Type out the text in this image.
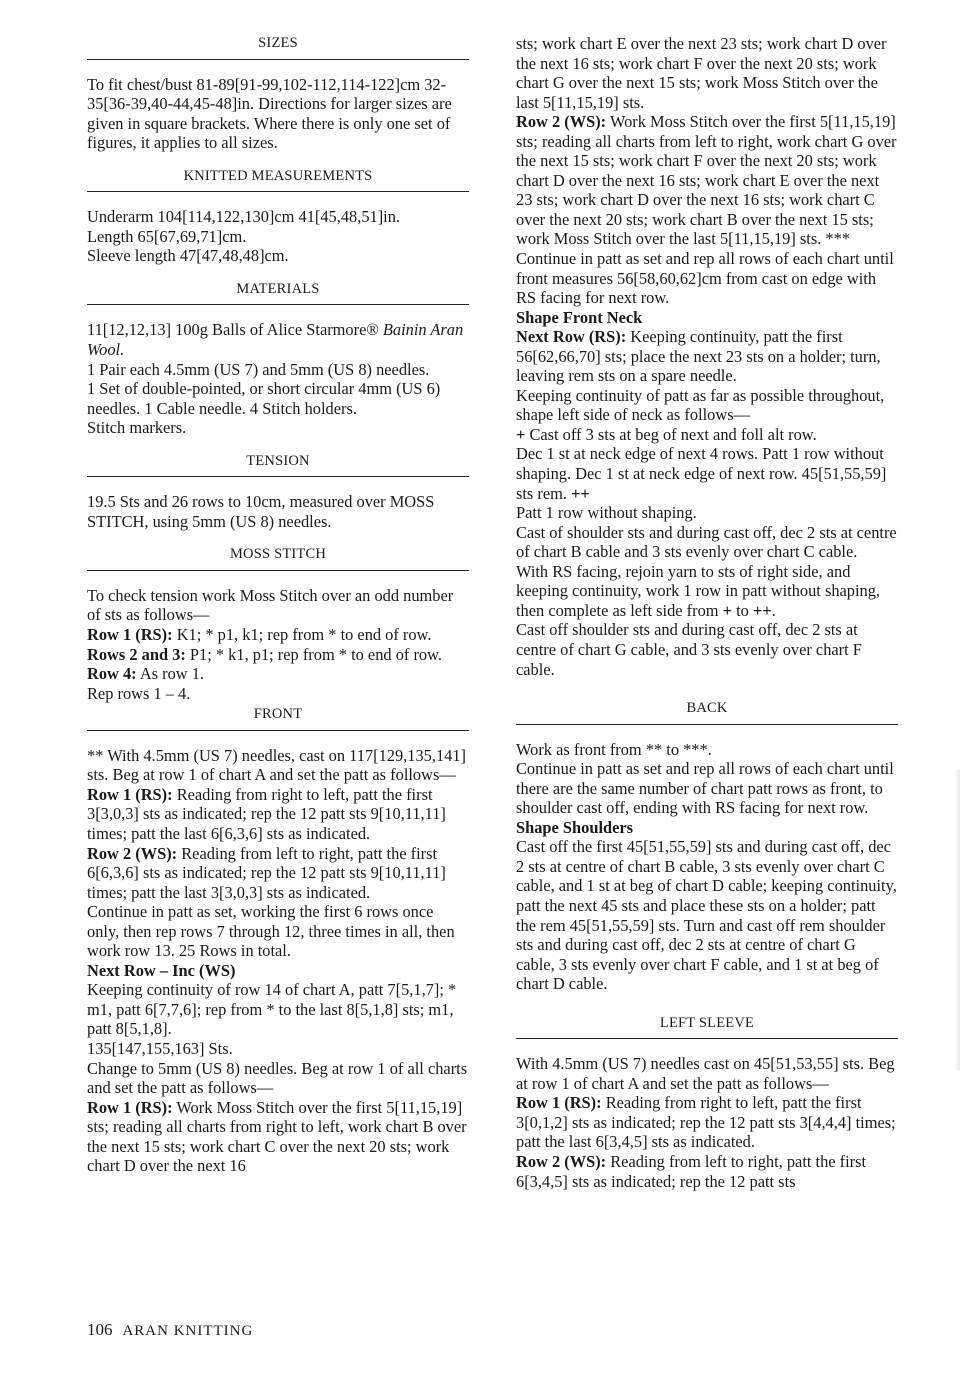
SIZES

To fit chest/bust 81-89[91-99,102-112,114-122]cm 32-35[36-39,40-44,45-48]in. Directions for larger sizes are given in square brackets. Where there is only one set of figures, it applies to all sizes.

KNITTED MEASUREMENTS

Underarm 104[114,122,130]cm 41[45,48,51]in.

Length 65[67,69,71]cm.

Sleeve length 47[47,48,48]cm.

MATERIALS

11[12,12,13] 100g Balls of Alice Starmore® Bainin Aran Wool.

1 Pair each 4.5mm (US 7) and 5mm (US 8) needles.

1 Set of double-pointed, or short circular 4mm (US 6) needles. 1 Cable needle. 4 Stitch holders.

Stitch markers.

TENSION

19.5 Sts and 26 rows to 10cm, measured over MOSS STITCH, using 5mm (US 8) needles.

MOSS STITCH

To check tension work Moss Stitch over an odd number of sts as follows—

Row 1 (RS): K1; * p1, k1; rep from * to end of row.

Rows 2 and 3: P1; * k1, p1; rep from * to end of row.

Row 4: As row 1.

Rep rows 1 – 4.

FRONT

** With 4.5mm (US 7) needles, cast on 117[129,135,141] sts. Beg at row 1 of chart A and set the patt as follows—

Row 1 (RS): Reading from right to left, patt the first 3[3,0,3] sts as indicated; rep the 12 patt sts 9[10,11,11] times; patt the last 6[6,3,6] sts as indicated.

Row 2 (WS): Reading from left to right, patt the first 6[6,3,6] sts as indicated; rep the 12 patt sts 9[10,11,11] times; patt the last 3[3,0,3] sts as indicated.

Continue in patt as set, working the first 6 rows once only, then rep rows 7 through 12, three times in all, then work row 13. 25 Rows in total.

Next Row – Inc (WS)

Keeping continuity of row 14 of chart A, patt 7[5,1,7]; * m1, patt 6[7,7,6]; rep from * to the last 8[5,1,8] sts; m1, patt 8[5,1,8].

135[147,155,163] Sts.

Change to 5mm (US 8) needles. Beg at row 1 of all charts and set the patt as follows—

Row 1 (RS): Work Moss Stitch over the first 5[11,15,19] sts; reading all charts from right to left, work chart B over the next 15 sts; work chart C over the next 20 sts; work chart D over the next 16

sts; work chart E over the next 23 sts; work chart D over the next 16 sts; work chart F over the next 20 sts; work chart G over the next 15 sts; work Moss Stitch over the last 5[11,15,19] sts.

Row 2 (WS): Work Moss Stitch over the first 5[11,15,19] sts; reading all charts from left to right, work chart G over the next 15 sts; work chart F over the next 20 sts; work chart D over the next 16 sts; work chart E over the next 23 sts; work chart D over the next 16 sts; work chart C over the next 20 sts; work chart B over the next 15 sts; work Moss Stitch over the last 5[11,15,19] sts. ***

Continue in patt as set and rep all rows of each chart until front measures 56[58,60,62]cm from cast on edge with RS facing for next row.

Shape Front Neck

Next Row (RS): Keeping continuity, patt the first 56[62,66,70] sts; place the next 23 sts on a holder; turn, leaving rem sts on a spare needle.

Keeping continuity of patt as far as possible throughout, shape left side of neck as follows—

+ Cast off 3 sts at beg of next and foll alt row.

Dec 1 st at neck edge of next 4 rows. Patt 1 row without shaping. Dec 1 st at neck edge of next row. 45[51,55,59] sts rem. ++

Patt 1 row without shaping.

Cast of shoulder sts and during cast off, dec 2 sts at centre of chart B cable and 3 sts evenly over chart C cable.

With RS facing, rejoin yarn to sts of right side, and keeping continuity, work 1 row in patt without shaping, then complete as left side from + to ++.

Cast off shoulder sts and during cast off, dec 2 sts at centre of chart G cable, and 3 sts evenly over chart F cable.

BACK

Work as front from ** to ***.

Continue in patt as set and rep all rows of each chart until there are the same number of chart patt rows as front, to shoulder cast off, ending with RS facing for next row.

Shape Shoulders

Cast off the first 45[51,55,59] sts and during cast off, dec 2 sts at centre of chart B cable, 3 sts evenly over chart C cable, and 1 st at beg of chart D cable; keeping continuity, patt the next 45 sts and place these sts on a holder; patt the rem 45[51,55,59] sts. Turn and cast off rem shoulder sts and during cast off, dec 2 sts at centre of chart G cable, 3 sts evenly over chart F cable, and 1 st at beg of chart D cable.

LEFT SLEEVE

With 4.5mm (US 7) needles cast on 45[51,53,55] sts. Beg at row 1 of chart A and set the patt as follows—

Row 1 (RS): Reading from right to left, patt the first 3[0,1,2] sts as indicated; rep the 12 patt sts 3[4,4,4] times; patt the last 6[3,4,5] sts as indicated.

Row 2 (WS): Reading from left to right, patt the first 6[3,4,5] sts as indicated; rep the 12 patt sts

106 ARAN KNITTING
